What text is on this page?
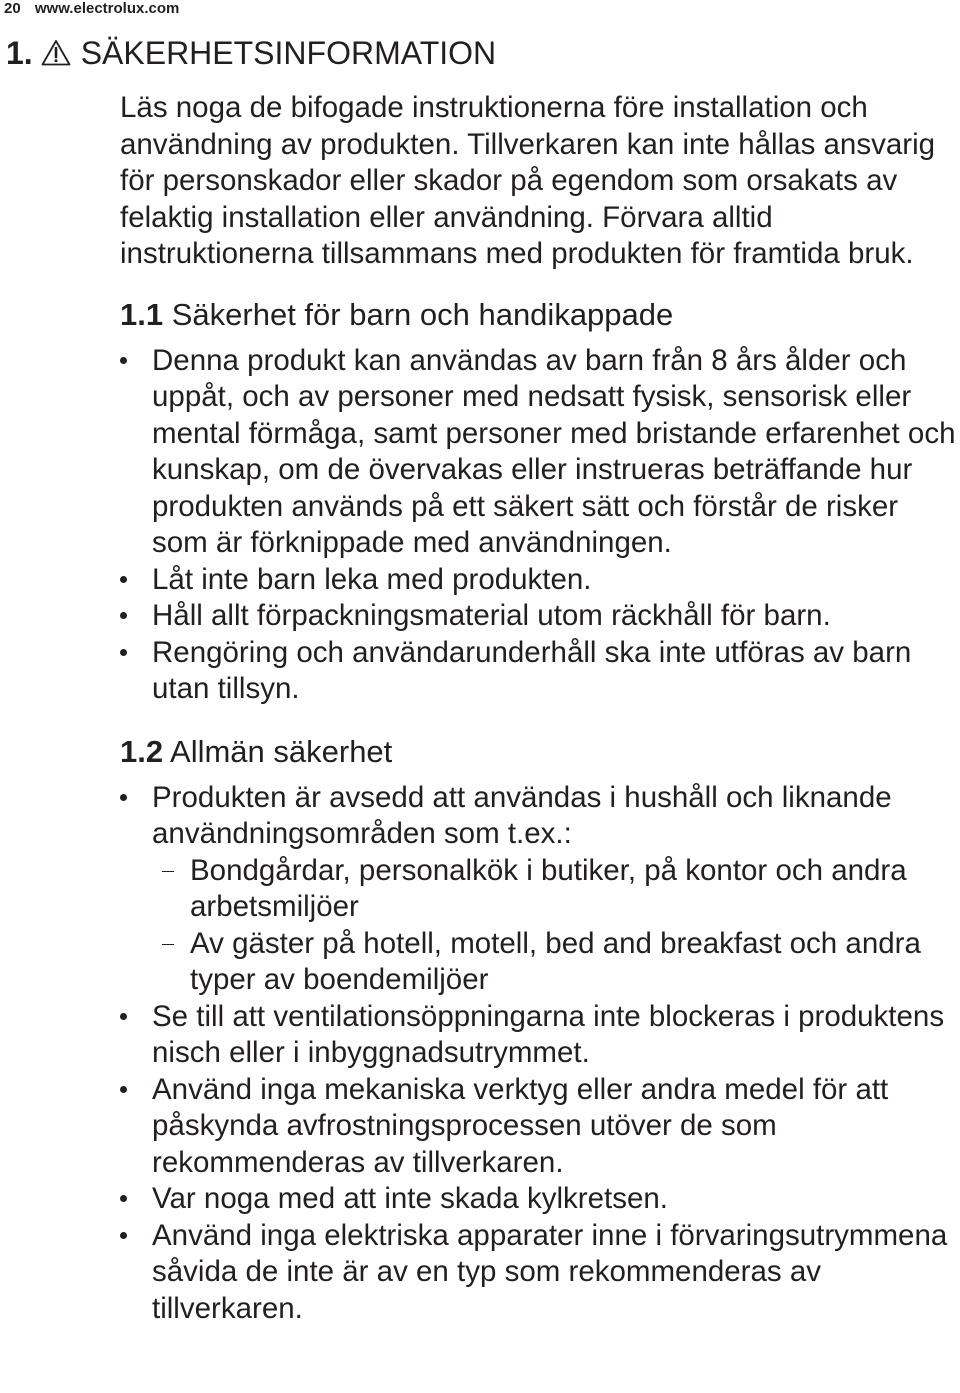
20 www.electrolux.com
1. SÄKERHETSINFORMATION

Läs noga de bifogade instruktionerna före installation och användning av produkten. Tillverkaren kan inte hållas ansvarig för personskador eller skador på egendom som orsakats av felaktig installation eller användning. Förvara alltid instruktionerna tillsammans med produkten för framtida bruk.

1.1 Säkerhet för barn och handikappade
Denna produkt kan användas av barn från 8 års ålder och uppåt, och av personer med nedsatt fysisk, sensorisk eller mental förmåga, samt personer med bristande erfarenhet och kunskap, om de övervakas eller instrueras beträffande hur produkten används på ett säkert sätt och förstår de risker som är förknippade med användningen.
Låt inte barn leka med produkten.
Håll allt förpackningsmaterial utom räckhåll för barn.
Rengöring och användarunderhåll ska inte utföras av barn utan tillsyn.
1.2 Allmän säkerhet
Produkten är avsedd att användas i hushåll och liknande användningsområden som t.ex.:
Bondgårdar, personalkök i butiker, på kontor och andra arbetsmiljöer
Av gäster på hotell, motell, bed and breakfast och andra typer av boendemiljöer
Se till att ventilationsöppningarna inte blockeras i produktens nisch eller i inbyggnadsutrymmet.
Använd inga mekaniska verktyg eller andra medel för att påskynda avfrostningsprocessen utöver de som rekommenderas av tillverkaren.
Var noga med att inte skada kylkretsen.
Använd inga elektriska apparater inne i förvaringsutrymmena såvida de inte är av en typ som rekommenderas av tillverkaren.
